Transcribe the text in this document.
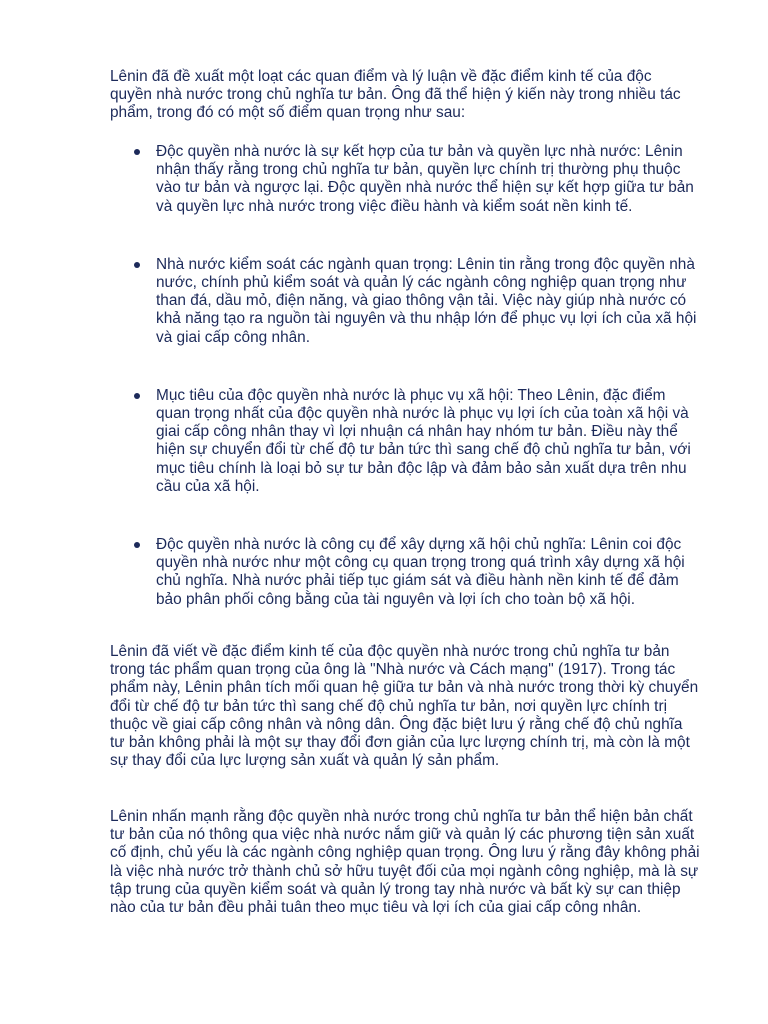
Lênin đã đề xuất một loạt các quan điểm và lý luận về đặc điểm kinh tế của độc quyền nhà nước trong chủ nghĩa tư bản. Ông đã thể hiện ý kiến này trong nhiều tác phẩm, trong đó có một số điểm quan trọng như sau:

Độc quyền nhà nước là sự kết hợp của tư bản và quyền lực nhà nước: Lênin nhận thấy rằng trong chủ nghĩa tư bản, quyền lực chính trị thường phụ thuộc vào tư bản và ngược lại. Độc quyền nhà nước thể hiện sự kết hợp giữa tư bản và quyền lực nhà nước trong việc điều hành và kiểm soát nền kinh tế.
Nhà nước kiểm soát các ngành quan trọng: Lênin tin rằng trong độc quyền nhà nước, chính phủ kiểm soát và quản lý các ngành công nghiệp quan trọng như than đá, dầu mỏ, điện năng, và giao thông vận tải. Việc này giúp nhà nước có khả năng tạo ra nguồn tài nguyên và thu nhập lớn để phục vụ lợi ích của xã hội và giai cấp công nhân.
Mục tiêu của độc quyền nhà nước là phục vụ xã hội: Theo Lênin, đặc điểm quan trọng nhất của độc quyền nhà nước là phục vụ lợi ích của toàn xã hội và giai cấp công nhân thay vì lợi nhuận cá nhân hay nhóm tư bản. Điều này thể hiện sự chuyển đổi từ chế độ tư bản tức thì sang chế độ chủ nghĩa tư bản, với mục tiêu chính là loại bỏ sự tư bản độc lập và đảm bảo sản xuất dựa trên nhu cầu của xã hội.
Độc quyền nhà nước là công cụ để xây dựng xã hội chủ nghĩa: Lênin coi độc quyền nhà nước như một công cụ quan trọng trong quá trình xây dựng xã hội chủ nghĩa. Nhà nước phải tiếp tục giám sát và điều hành nền kinh tế để đảm bảo phân phối công bằng của tài nguyên và lợi ích cho toàn bộ xã hội.

Lênin đã viết về đặc điểm kinh tế của độc quyền nhà nước trong chủ nghĩa tư bản trong tác phẩm quan trọng của ông là "Nhà nước và Cách mạng" (1917). Trong tác phẩm này, Lênin phân tích mối quan hệ giữa tư bản và nhà nước trong thời kỳ chuyển đổi từ chế độ tư bản tức thì sang chế độ chủ nghĩa tư bản, nơi quyền lực chính trị thuộc về giai cấp công nhân và nông dân. Ông đặc biệt lưu ý rằng chế độ chủ nghĩa tư bản không phải là một sự thay đổi đơn giản của lực lượng chính trị, mà còn là một sự thay đổi của lực lượng sản xuất và quản lý sản phẩm.

Lênin nhấn mạnh rằng độc quyền nhà nước trong chủ nghĩa tư bản thể hiện bản chất tư bản của nó thông qua việc nhà nước nắm giữ và quản lý các phương tiện sản xuất cố định, chủ yếu là các ngành công nghiệp quan trọng. Ông lưu ý rằng đây không phải là việc nhà nước trở thành chủ sở hữu tuyệt đối của mọi ngành công nghiệp, mà là sự tập trung của quyền kiểm soát và quản lý trong tay nhà nước và bất kỳ sự can thiệp nào của tư bản đều phải tuân theo mục tiêu và lợi ích của giai cấp công nhân.
